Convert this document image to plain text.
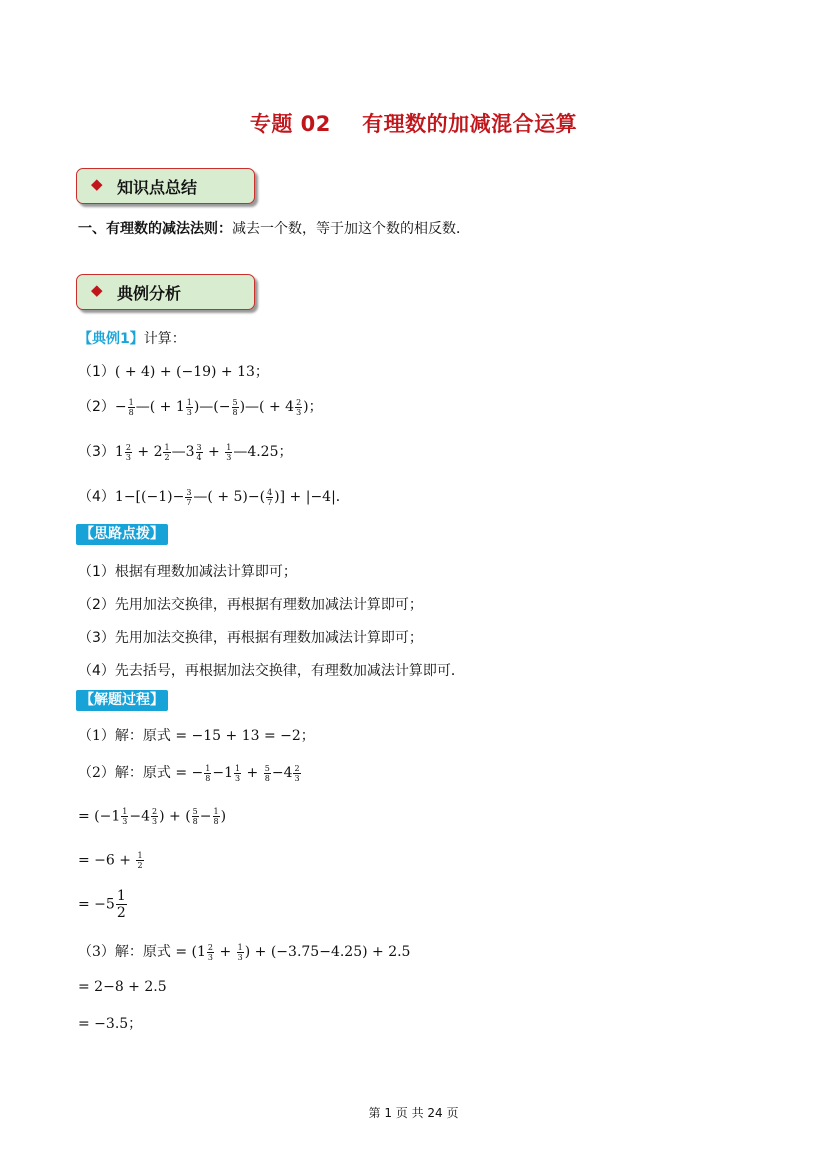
专题 02    有理数的加减混合运算
◆ 知识点总结
一、有理数的减法法则：减去一个数，等于加这个数的相反数．
◆ 典例分析
【典例1】计算：
（1）( + 4) + (−19) + 13；
$(2)- \frac{1}{8}$ —( + $1 \frac{1}{3}$ )—(− $\frac{5}{8}$ )—( + $4 \frac{2}{3}$ )；
$(3)1 \frac{2}{3} + 2 \frac{1}{2}$ —3 $\frac{3}{4} + \frac{1}{3}$ —4.25；
$(4)1-[(-1)- \frac{3}{7}$ —( + $5)-( \frac{4}{7}$ )] + |−4|．
【思路点拨】
（1）根据有理数加减法计算即可；
（2）先用加法交换律，再根据有理数加减法计算即可；
（3）先用加法交换律，再根据有理数加减法计算即可；
（4）先去括号，再根据加法交换律，有理数加减法计算即可．
【解题过程】
（1）解：原式 = −15 + 13 = −2；
（2）解：原式 = − $\frac{1}{8} -1 \frac{1}{3} + \frac{5}{8} -4 \frac{2}{3}$
= ($-1 \frac{1}{3} -4 \frac{2}{3}$ ) + ( $\frac{5}{8} - \frac{1}{8}$ )
= $-6 + \frac{1}{2}$
= $-5 \frac{1}{2}$
（3）解：原式 = ($1 \frac{2}{3} + \frac{1}{3}$ ) + (−3.75−4.25) + 2.5
= 2−8 + 2.5
= −3.5；
第 1 页 共 24 页
